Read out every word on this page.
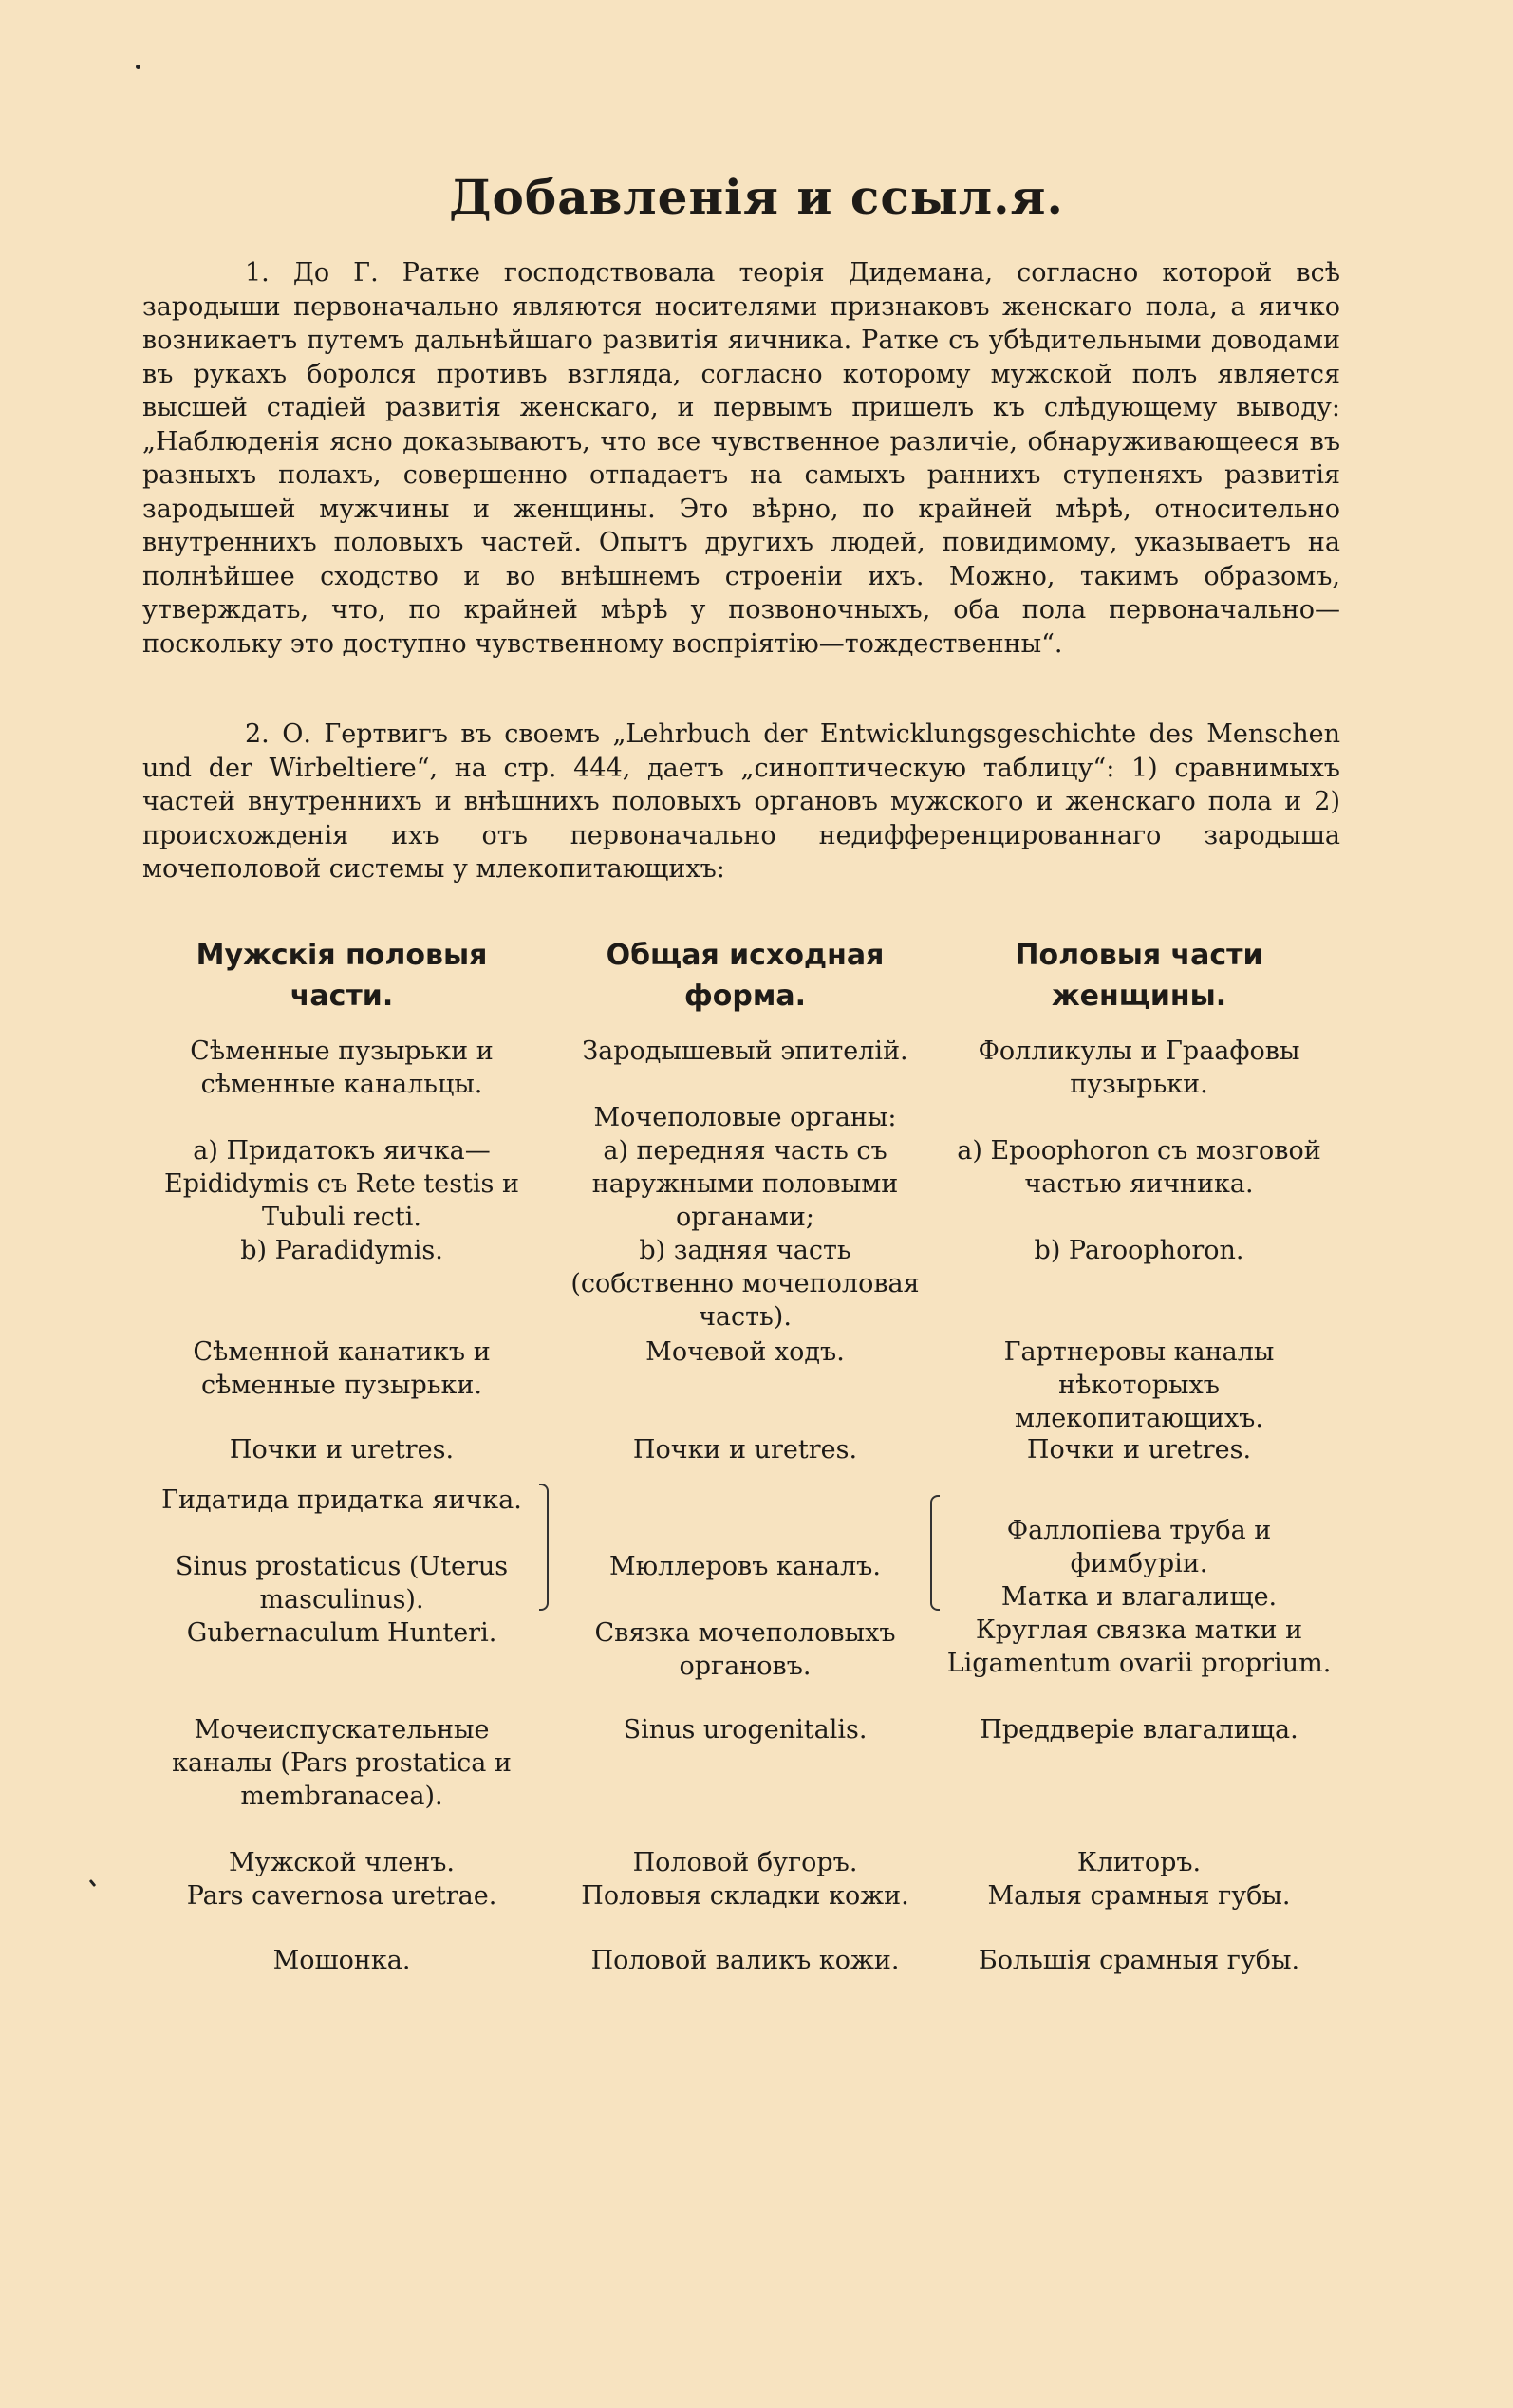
Добавленія и ссыл.я.

1. До Г. Ратке господствовала теорія Дидемана, согласно которой всѣ зародыши первоначально являются носителями признаковъ женскаго пола, а яичко возникаетъ путемъ дальнѣйшаго развитія яичника. Ратке съ убѣдительными доводами въ рукахъ боролся противъ взгляда, согласно которому мужской полъ является высшей стадіей развитія женскаго, и первымъ пришелъ къ слѣдующему выводу: „Наблюденія ясно доказываютъ, что все чувственное различіе, обнаруживающееся въ разныхъ полахъ, совершенно отпадаетъ на самыхъ раннихъ ступеняхъ развитія зародышей мужчины и женщины. Это вѣрно, по крайней мѣрѣ, относительно внутреннихъ половыхъ частей. Опытъ другихъ людей, повидимому, указываетъ на полнѣйшее сходство и во внѣшнемъ строеніи ихъ. Можно, такимъ образомъ, утверждать, что, по крайней мѣрѣ у позвоночныхъ, оба пола первоначально—поскольку это доступно чувственному воспріятію—тождественны“.

2. О. Гертвигъ въ своемъ „Lehrbuch der Entwicklungsgeschichte des Menschen und der Wirbeltiere“, на стр. 444, даетъ „синоптическую таблицу“: 1) сравнимыхъ частей внутреннихъ и внѣшнихъ половыхъ органовъ мужского и женскаго пола и 2) происхожденія ихъ отъ первоначально недифференцированнаго зародыша мочеполовой системы у млекопитающихъ:

Мужскія половыя части.
Сѣменные пузырьки и сѣменные канальцы.
a) Придатокъ яичка—Epididymis съ Rete testis и Tubuli recti.
b) Paradidymis.
Сѣменной канатикъ и сѣменные пузырьки.
Почки и uretres.
Гидатида придатка яичка.
Sinus prostaticus (Uterus masculinus).
Gubernaculum Hunteri.
Мочеиспускательные каналы (Pars prostatica и membranacea).
Мужской членъ.
Pars cavernosa uretrae.
Мошонка.
Общая исходная форма.
Зародышевый эпителій.
Мочеполовые органы:
a) передняя часть съ наружными половыми органами;
b) задняя часть (собственно мочеполовая часть).
Мочевой ходъ.
Почки и uretres.
Мюллеровъ каналъ.
Связка мочеполовыхъ органовъ.
Sinus urogenitalis.
Половой бугоръ.
Половыя складки кожи.
Половой валикъ кожи.
Половыя части женщины.
Фолликулы и Граафовы пузырьки.
a) Epoophoron съ мозговой частью яичника.
b) Paroophoron.
Гартнеровы каналы нѣкоторыхъ млекопитающихъ.
Почки и uretres.
Фаллопіева труба и фимбуріи.
Матка и влагалище.
Круглая связка матки и Ligamentum ovarii proprium.
Преддверіе влагалища.
Клиторъ.
Малыя срамныя губы.
Большія срамныя губы.
